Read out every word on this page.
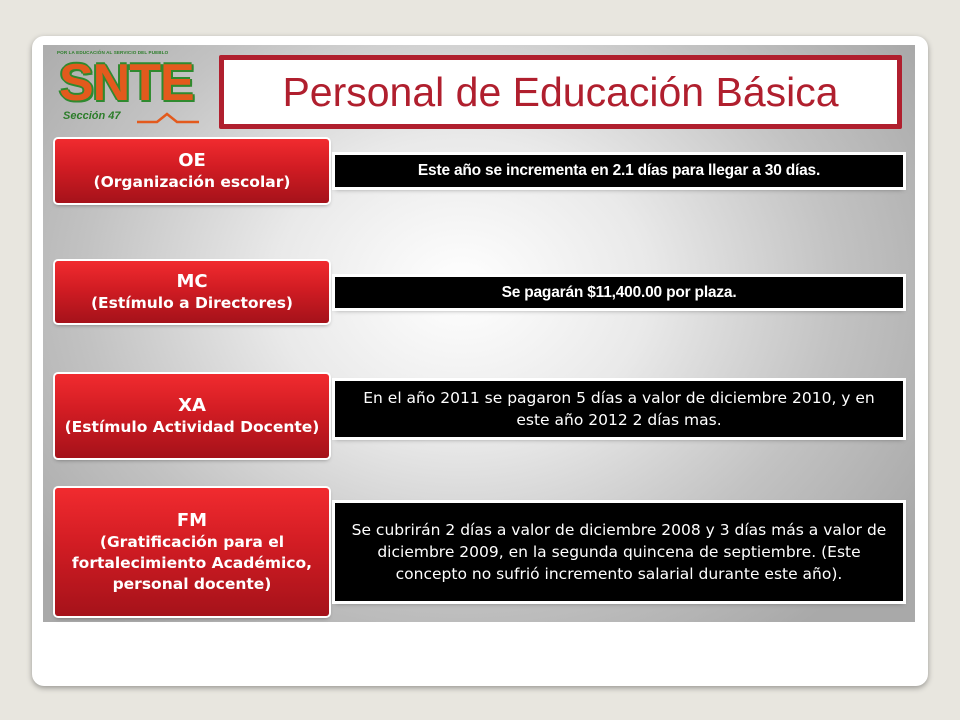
POR LA EDUCACIÓN AL SERVICIO DEL PUEBLO
SNTE
Sección 47
Personal de Educación Básica
OE
(Organización escolar)
Este año se incrementa en 2.1 días para llegar a 30 días.
MC
(Estímulo a Directores)
Se pagarán $11,400.00 por plaza.
XA
(Estímulo Actividad Docente)
En el año 2011 se pagaron 5 días a valor de diciembre 2010, y en este año 2012 2 días mas.
FM
(Gratificación para el fortalecimiento Académico, personal docente)
Se cubrirán 2 días a valor de diciembre 2008 y 3 días más a valor de diciembre 2009, en la segunda quincena de septiembre. (Este concepto no sufrió incremento salarial durante este año).
